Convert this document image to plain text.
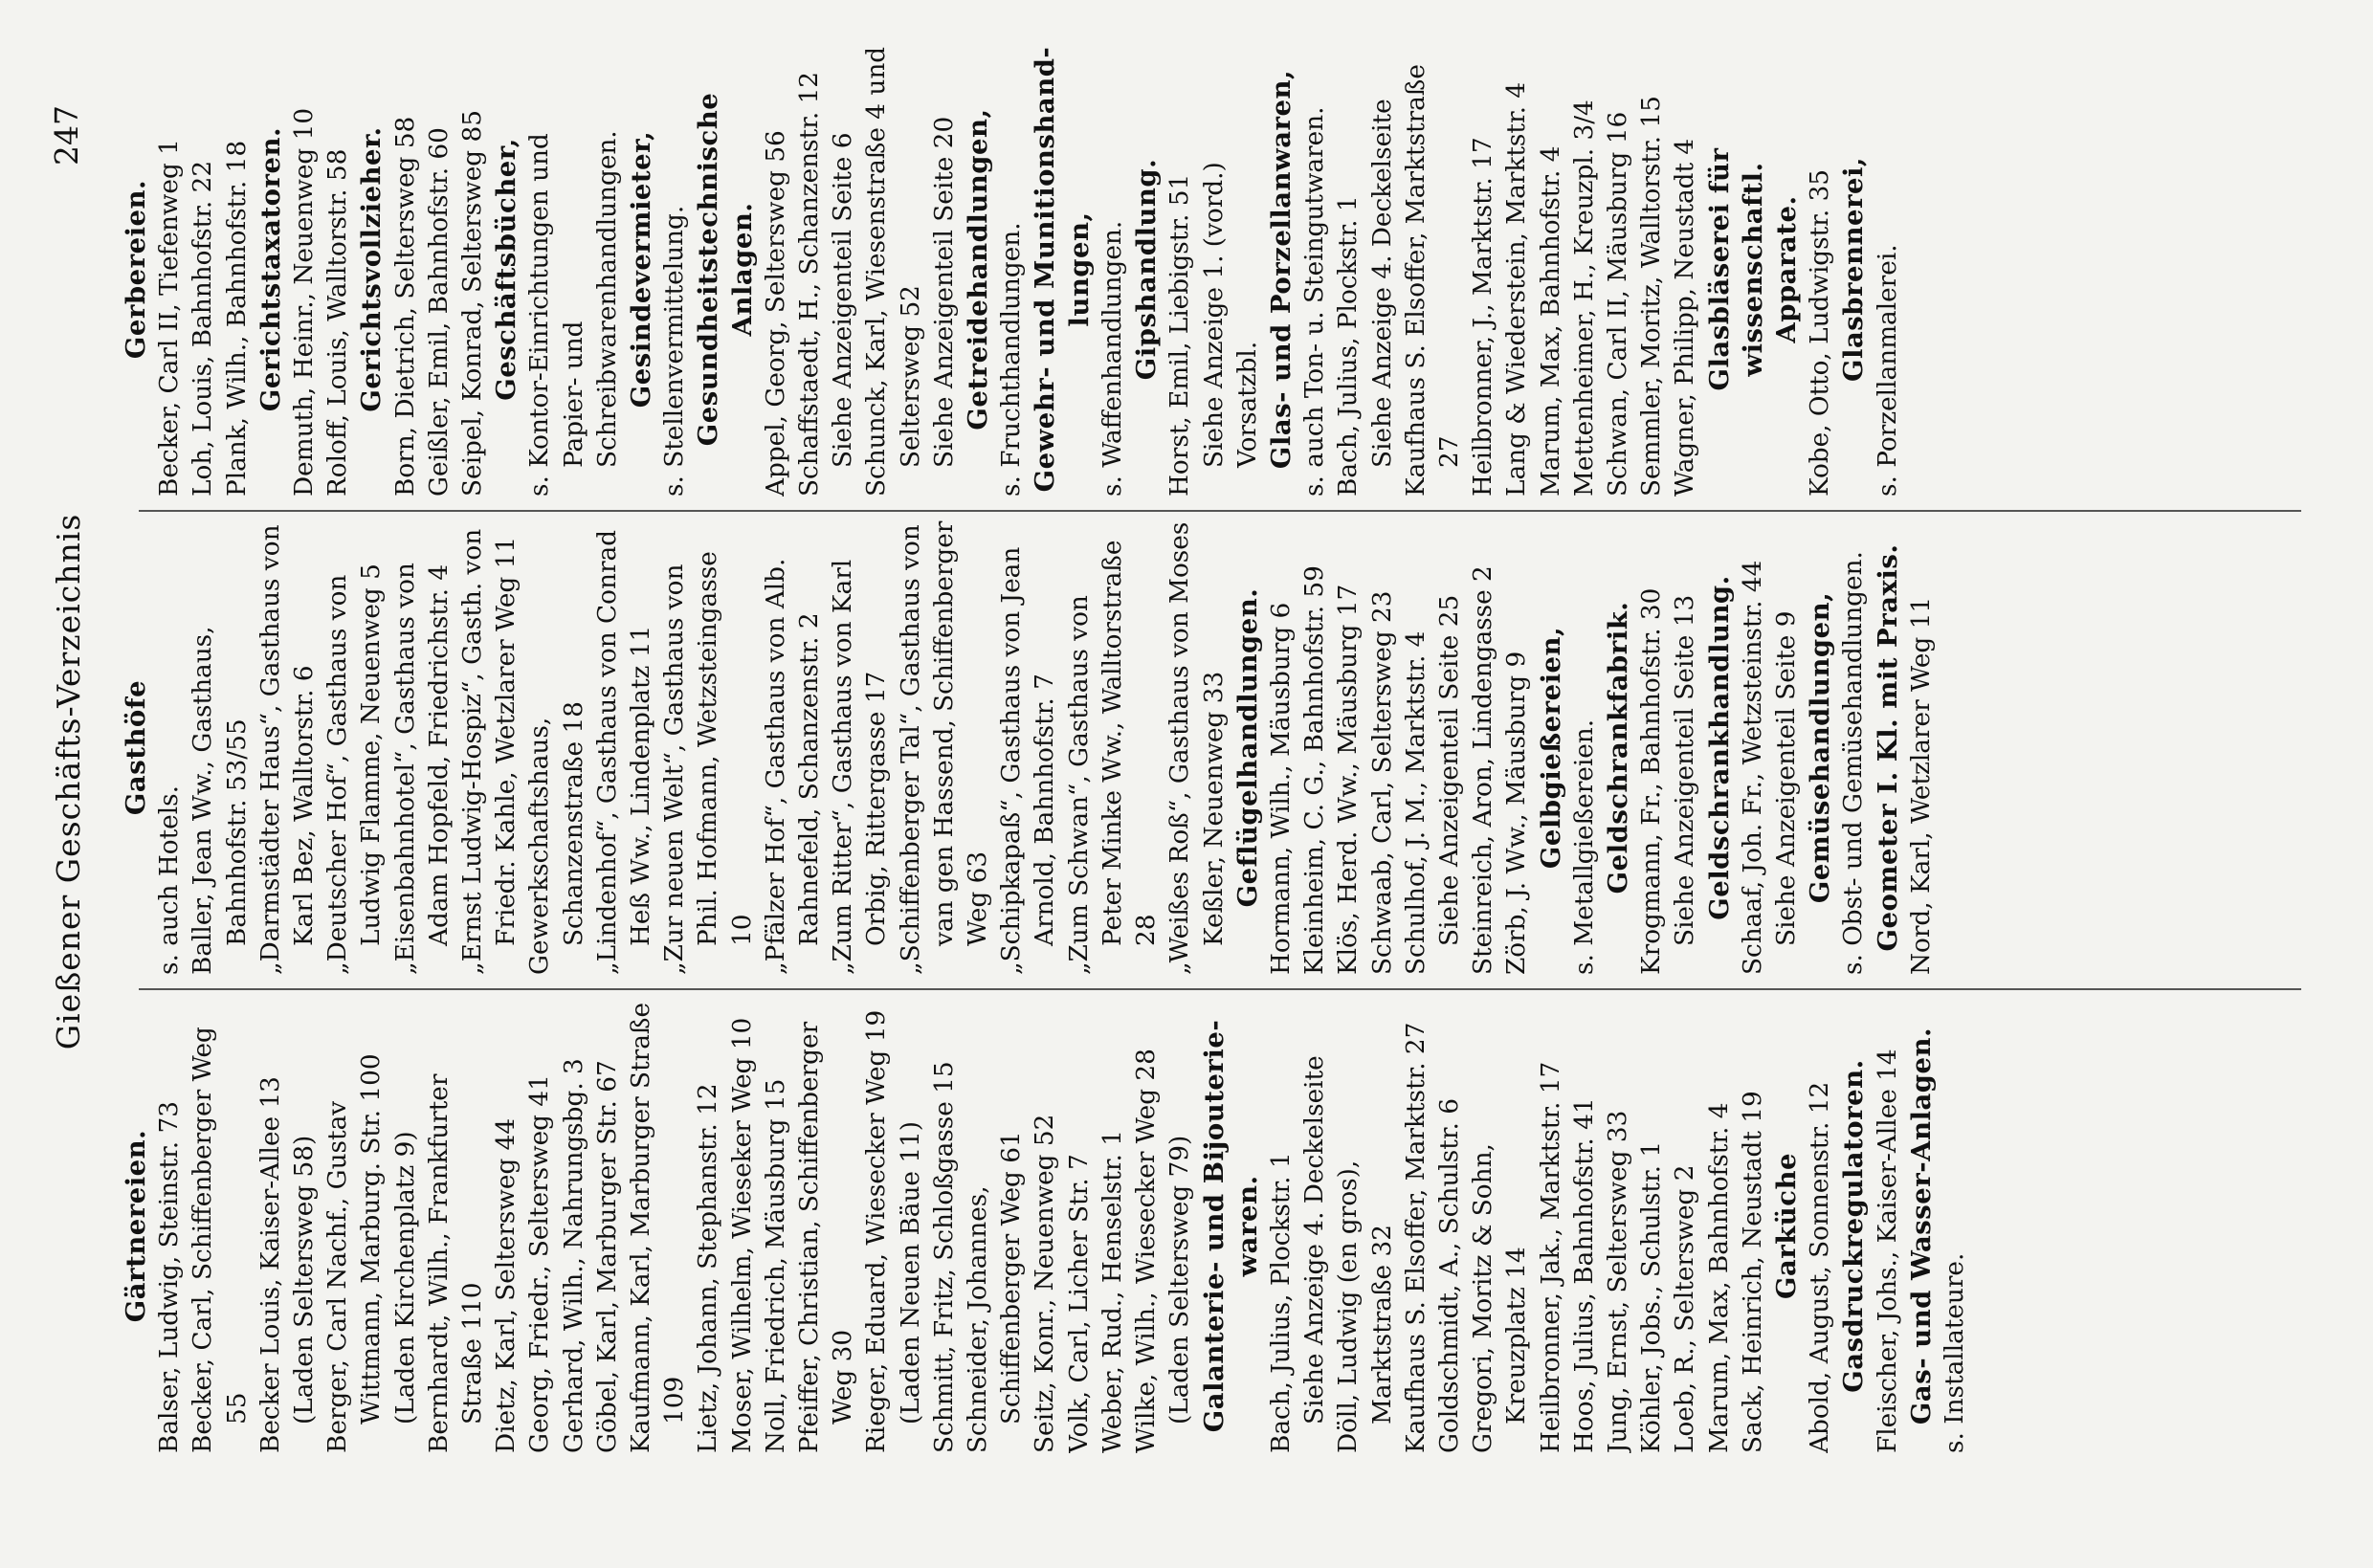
Gießener Geschäfts-Verzeichnis
247
Gärtnereien. Balser, Ludwig, Steinstr. 73 Becker, Carl, Schiffenberger Weg 55 Becker Louis, Kaiser-Allee 13 (Laden Seltersweg 58) Berger, Carl Nachf., Gustav Wittmann, Marburg. Str. 100 (Laden Kirchenplatz 9) Bernhardt, Wilh., Frankfurter Straße 110 Dietz, Karl, Seltersweg 44 Georg, Friedr., Seltersweg 41 Gerhard, Wilh., Nahrungsbg. 3 Göbel, Karl, Marburger Str. 67 Kaufmann, Karl, Marburger Straße 109 Lietz, Johann, Stephanstr. 12 Moser, Wilhelm, Wieseker Weg 10 Noll, Friedrich, Mäusburg 15 Pfeiffer, Christian, Schiffenberger Weg 30 Rieger, Eduard, Wiesecker Weg 19 (Laden Neuen Bäue 11) Schmitt, Fritz, Schloßgasse 15 Schneider, Johannes, Schiffenberger Weg 61 Seitz, Konr., Neuenweg 52 Volk, Carl, Licher Str. 7 Weber, Rud., Henselstr. 1 Wilke, Wilh., Wiesecker Weg 28 (Laden Seltersweg 79) Galanterie- und Bijouterie- waren. Bach, Julius, Plockstr. 1 Siehe Anzeige 4. Deckelseite Döll, Ludwig (en gros), Marktstraße 32 Kaufhaus S. Elsoffer, Marktstr. 27 Goldschmidt, A., Schulstr. 6 Gregori, Moritz & Sohn, Kreuzplatz 14 Heilbronner, Jak., Marktstr. 17 Hoos, Julius, Bahnhofstr. 41 Jung, Ernst, Seltersweg 33 Köhler, Jobs., Schulstr. 1 Loeb, R., Seltersweg 2 Marum, Max, Bahnhofstr. 4 Sack, Heinrich, Neustadt 19 Garküche Abold, August, Sonnenstr. 12 Gasdruckregulatoren. Fleischer, Johs., Kaiser-Allee 14 Gas- und Wasser-Anlagen. s. Installateure.
Gasthöfe
s. auch Hotels. Baller, Jean Ww., Gasthaus, Bahnhofstr. 53/55 „Darmstädter Haus“, Gasthaus von Karl Bez, Walltorstr. 6 „Deutscher Hof“, Gasthaus von Ludwig Flamme, Neuenweg 5 „Eisenbahnhotel“, Gasthaus von Adam Hopfeld, Friedrichstr. 4 „Ernst Ludwig-Hospiz“, Gasth. von Friedr. Kahle, Wetzlarer Weg 11 Gewerkschaftshaus, Schanzenstraße 18 „Lindenhof“, Gasthaus von Conrad Heß Ww., Lindenplatz 11 „Zur neuen Welt“, Gasthaus von Phil. Hofmann, Wetzsteingasse 10 „Pfälzer Hof“, Gasthaus von Alb. Rahnefeld, Schanzenstr. 2 „Zum Ritter“, Gasthaus von Karl Orbig, Rittergasse 17 „Schiffenberger Tal“, Gasthaus von van gen Hassend, Schiffenberger Weg 63 „Schipkapaß“, Gasthaus von Jean Arnold, Bahnhofstr. 7 „Zum Schwan“, Gasthaus von Peter Minke Ww., Walltorstraße 28 „Weißes Roß“, Gasthaus von Moses Keßler, Neuenweg 33 Geflügelhandlungen. Hormann, Wilh., Mäusburg 6 Kleinheim, C. G., Bahnhofstr. 59 Klös, Herd. Ww., Mäusburg 17 Schwaab, Carl, Seltersweg 23 Schulhof, J. M., Marktstr. 4 Siehe Anzeigenteil Seite 25 Steinreich, Aron, Lindengasse 2 Zörb, J. Ww., Mäusburg 9 Gelbgießereien, s. Metallgießereien. Geldschrankfabrik. Krogmann, Fr., Bahnhofstr. 30 Siehe Anzeigenteil Seite 13 Geldschrankhandlung. Schaaf, Joh. Fr., Wetzsteinstr. 44 Siehe Anzeigenteil Seite 9 Gemüsehandlungen, s. Obst- und Gemüsehandlungen. Geometer I. Kl. mit Praxis. Nord, Karl, Wetzlarer Weg 11
Gerbereien. Becker, Carl II, Tiefenweg 1 Loh, Louis, Bahnhofstr. 22 Plank, Wilh., Bahnhofstr. 18 Gerichtstaxatoren. Demuth, Heinr., Neuenweg 10 Roloff, Louis, Walltorstr. 58 Gerichtsvollzieher. Born, Dietrich, Seltersweg 58 Geißler, Emil, Bahnhofstr. 60 Seipel, Konrad, Seltersweg 85 Geschäftsbücher, s. Kontor-Einrichtungen und Papier- und Schreibwarenhandlungen. Gesindevermieter, s. Stellenvermittelung. Gesundheitstechnische Anlagen. Appel, Georg, Seltersweg 56 Schaffstaedt, H., Schanzenstr. 12 Siehe Anzeigenteil Seite 6 Schunck, Karl, Wiesenstraße 4 und Seltersweg 52 Siehe Anzeigenteil Seite 20 Getreidehandlungen, s. Fruchthandlungen. Gewehr- und Munitionshand- lungen, s. Waffenhandlungen. Gipshandlung. Horst, Emil, Liebigstr. 51 Siehe Anzeige 1. (vord.) Vorsatzbl. Glas- und Porzellanwaren, s. auch Ton- u. Steingutwaren. Bach, Julius, Plockstr. 1 Siehe Anzeige 4. Deckelseite Kaufhaus S. Elsoffer, Marktstraße 27 Heilbronner, J., Marktstr. 17 Lang & Wiederstein, Marktstr. 4 Marum, Max, Bahnhofstr. 4 Mettenheimer, H., Kreuzpl. 3/4 Schwan, Carl II, Mäusburg 16 Semmler, Moritz, Walltorstr. 15 Wagner, Philipp, Neustadt 4 Glasbläserei für wissenschaftl. Apparate. Kobe, Otto, Ludwigstr. 35 Glasbrennerei, s. Porzellanmalerei.
